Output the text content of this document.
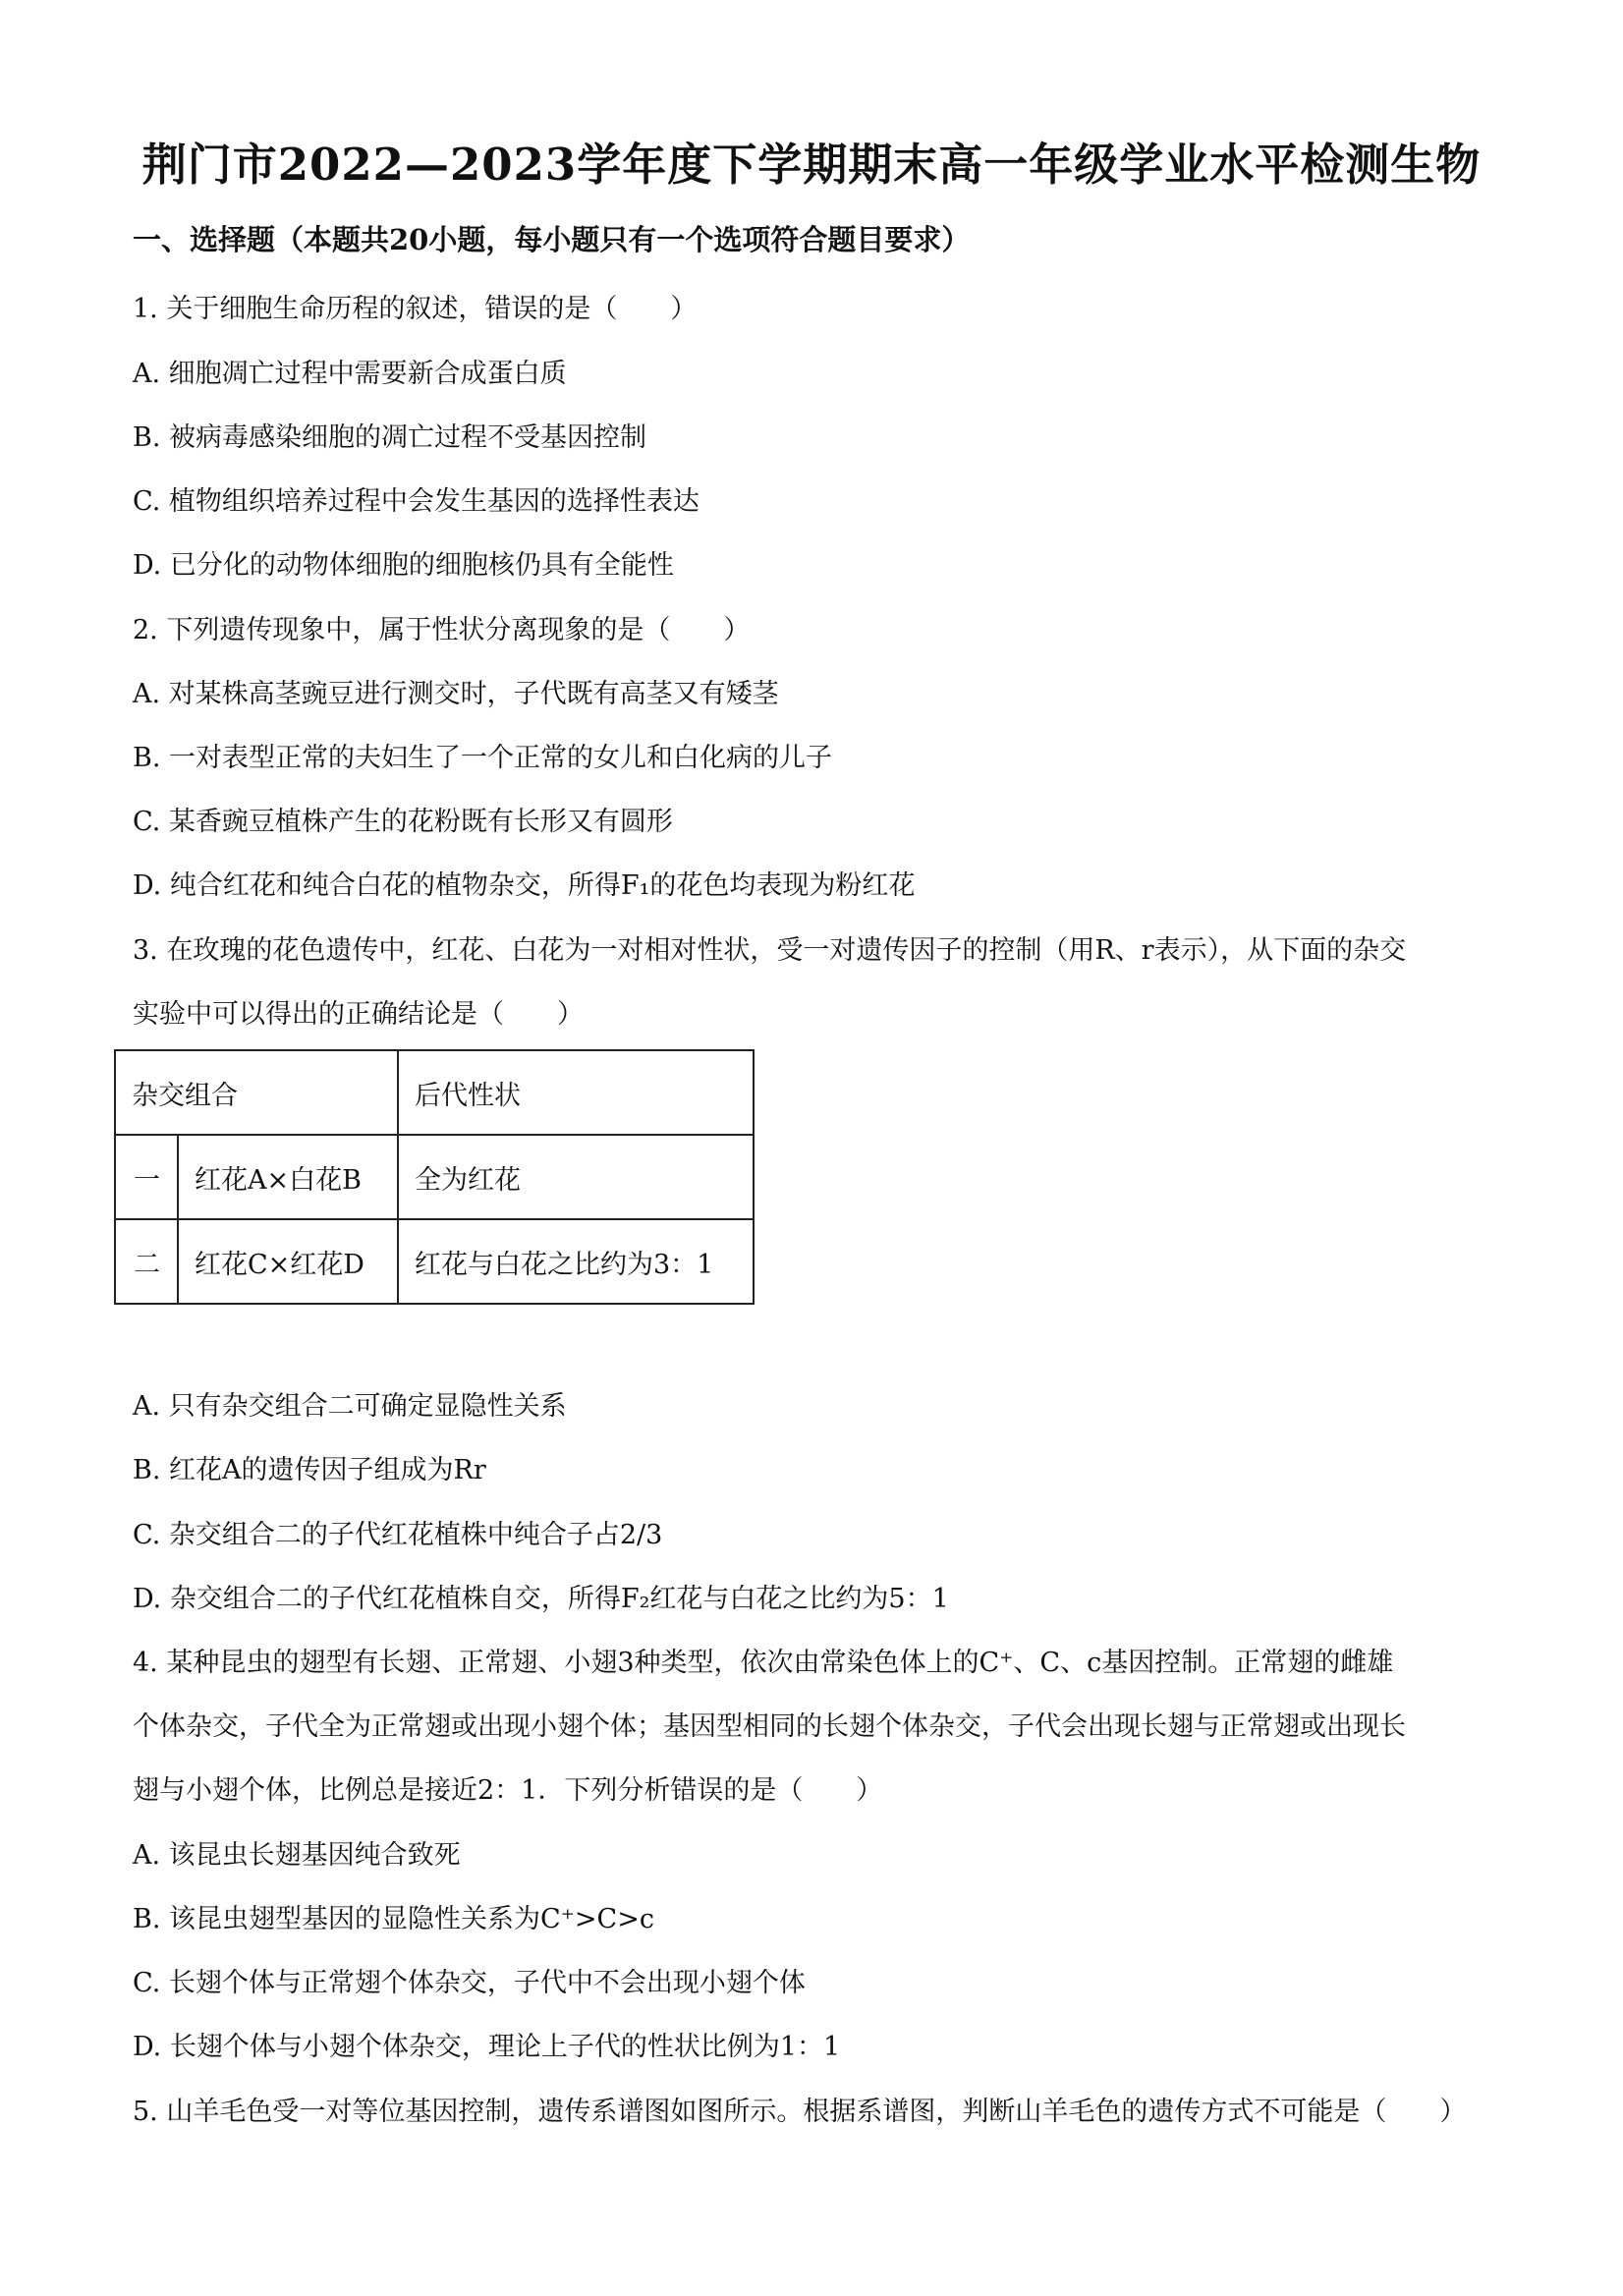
荆门市2022—2023学年度下学期期末高一年级学业水平检测生物
一、选择题（本题共20小题，每小题只有一个选项符合题目要求）

1. 关于细胞生命历程的叙述，错误的是（　　）

A. 细胞凋亡过程中需要新合成蛋白质

B. 被病毒感染细胞的凋亡过程不受基因控制

C. 植物组织培养过程中会发生基因的选择性表达

D. 已分化的动物体细胞的细胞核仍具有全能性

2. 下列遗传现象中，属于性状分离现象的是（　　）

A. 对某株高茎豌豆进行测交时，子代既有高茎又有矮茎

B. 一对表型正常的夫妇生了一个正常的女儿和白化病的儿子

C. 某香豌豆植株产生的花粉既有长形又有圆形

D. 纯合红花和纯合白花的植物杂交，所得F₁的花色均表现为粉红花

3. 在玫瑰的花色遗传中，红花、白花为一对相对性状，受一对遗传因子的控制（用R、r表示），从下面的杂交

实验中可以得出的正确结论是（　　）

杂交组合		后代性状
一	红花A×白花B	全为红花
二	红花C×红花D	红花与白花之比约为3：1

A. 只有杂交组合二可确定显隐性关系

B. 红花A的遗传因子组成为Rr

C. 杂交组合二的子代红花植株中纯合子占2/3

D. 杂交组合二的子代红花植株自交，所得F₂红花与白花之比约为5：1

4. 某种昆虫的翅型有长翅、正常翅、小翅3种类型，依次由常染色体上的C⁺、C、c基因控制。正常翅的雌雄

个体杂交，子代全为正常翅或出现小翅个体；基因型相同的长翅个体杂交，子代会出现长翅与正常翅或出现长

翅与小翅个体，比例总是接近2：1．下列分析错误的是（　　）

A. 该昆虫长翅基因纯合致死

B. 该昆虫翅型基因的显隐性关系为C⁺>C>c

C. 长翅个体与正常翅个体杂交，子代中不会出现小翅个体

D. 长翅个体与小翅个体杂交，理论上子代的性状比例为1：1

5. 山羊毛色受一对等位基因控制，遗传系谱图如图所示。根据系谱图，判断山羊毛色的遗传方式不可能是（　　）
